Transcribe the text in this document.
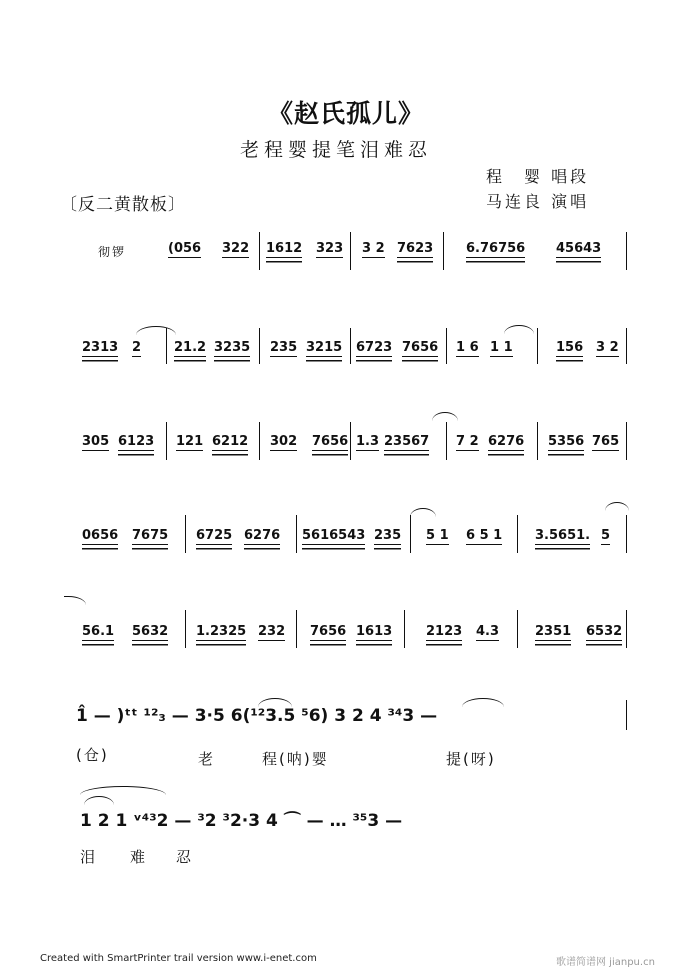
《赵氏孤儿》
老程婴提笔泪难忍
程　婴 唱段
马连良 演唱
〔反二黄散板〕
彻锣	(056 322 1612 323 3 2 7623	6.76756 45643
2313 2	21.2 3235 235 3215 6723 7656 1 6 1 1	156 3 2
305 6123 121 6212 302 7656 1.3 23567 7 2 6276 5356 765
0656 7675 6725 6276 5616543 235 5 1 6 5 1	3.5651. 5
56.1 5632 1.2325 232 7656 1613	2123 4.3	2351 6532
1̂ — )ᵗᵗ ¹²₃ — 3·5 6(¹²3.5 ⁵6) 3 2 4 ³⁴3 —
(仓)	老	程(呐)婴	提(呀)
1 2 1 ᵛ⁴³2 — ³2 ³2·3 4 ⌒ — … ³⁵3 —
泪 难 忍
Created with SmartPrinter trail version www.i-enet.com	歌谱简谱网 jianpu.cn
